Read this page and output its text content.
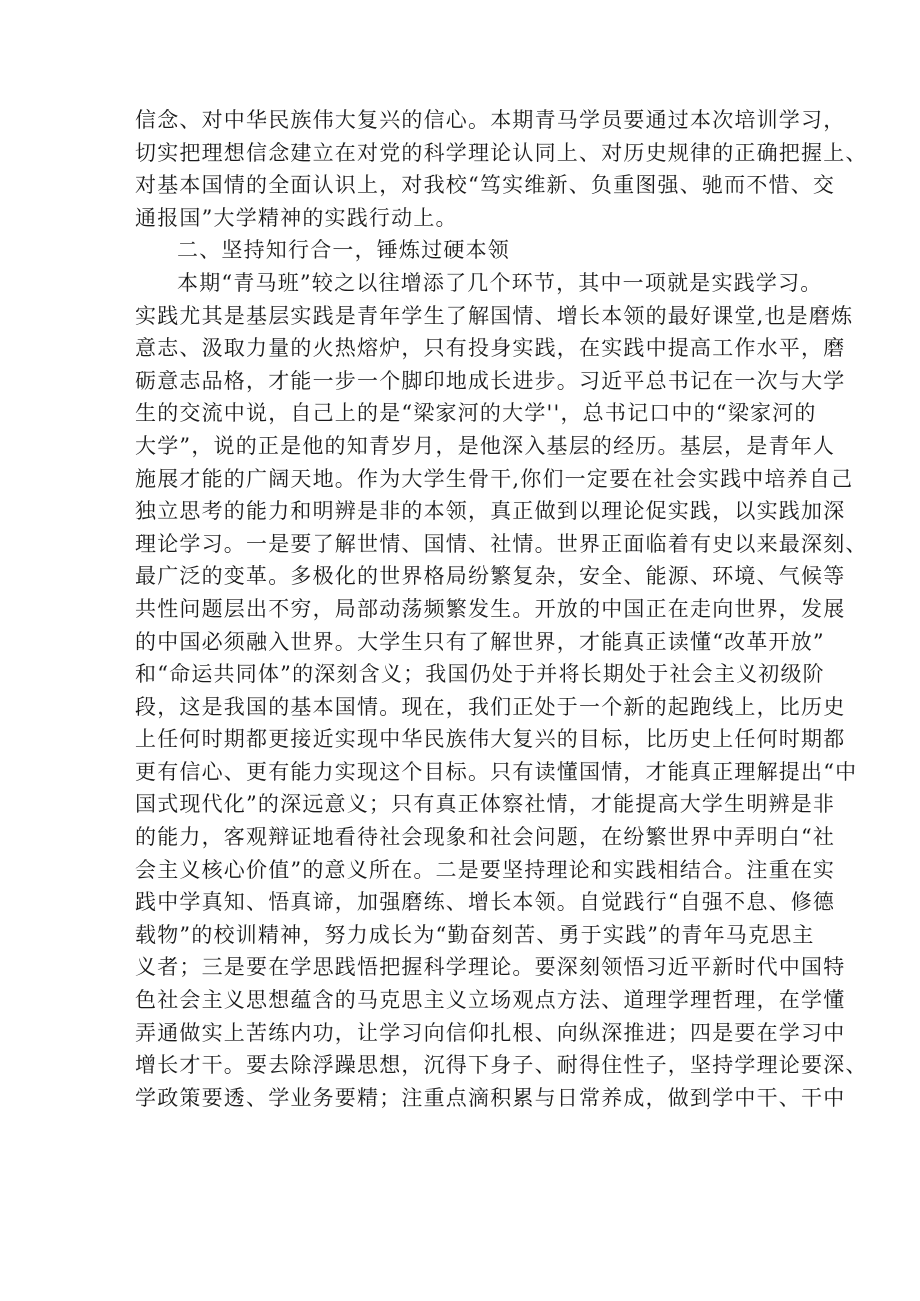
信念、对中华民族伟大复兴的信心。本期青马学员要通过本次培训学习，
切实把理想信念建立在对党的科学理论认同上、对历史规律的正确把握上、
对基本国情的全面认识上，对我校“笃实维新、负重图强、驰而不惜、交
通报国”大学精神的实践行动上。
二、坚持知行合一，锤炼过硬本领
本期“青马班”较之以往增添了几个环节，其中一项就是实践学习。
实践尤其是基层实践是青年学生了解国情、增长本领的最好课堂,也是磨炼
意志、汲取力量的火热熔炉，只有投身实践，在实践中提高工作水平，磨
砺意志品格，才能一步一个脚印地成长进步。习近平总书记在一次与大学
生的交流中说，自己上的是“梁家河的大学''，总书记口中的“梁家河的
大学”，说的正是他的知青岁月，是他深入基层的经历。基层，是青年人
施展才能的广阔天地。作为大学生骨干,你们一定要在社会实践中培养自己
独立思考的能力和明辨是非的本领，真正做到以理论促实践，以实践加深
理论学习。一是要了解世情、国情、社情。世界正面临着有史以来最深刻、
最广泛的变革。多极化的世界格局纷繁复杂，安全、能源、环境、气候等
共性问题层出不穷，局部动荡频繁发生。开放的中国正在走向世界，发展
的中国必须融入世界。大学生只有了解世界，才能真正读懂“改革开放”
和“命运共同体”的深刻含义；我国仍处于并将长期处于社会主义初级阶
段，这是我国的基本国情。现在，我们正处于一个新的起跑线上，比历史
上任何时期都更接近实现中华民族伟大复兴的目标，比历史上任何时期都
更有信心、更有能力实现这个目标。只有读懂国情，才能真正理解提出“中
国式现代化”的深远意义；只有真正体察社情，才能提高大学生明辨是非
的能力，客观辩证地看待社会现象和社会问题，在纷繁世界中弄明白“社
会主义核心价值”的意义所在。二是要坚持理论和实践相结合。注重在实
践中学真知、悟真谛，加强磨练、增长本领。自觉践行“自强不息、修德
载物”的校训精神，努力成长为“勤奋刻苦、勇于实践”的青年马克思主
义者；三是要在学思践悟把握科学理论。要深刻领悟习近平新时代中国特
色社会主义思想蕴含的马克思主义立场观点方法、道理学理哲理，在学懂
弄通做实上苦练内功，让学习向信仰扎根、向纵深推进；四是要在学习中
增长才干。要去除浮躁思想，沉得下身子、耐得住性子，坚持学理论要深、
学政策要透、学业务要精；注重点滴积累与日常养成，做到学中干、干中
